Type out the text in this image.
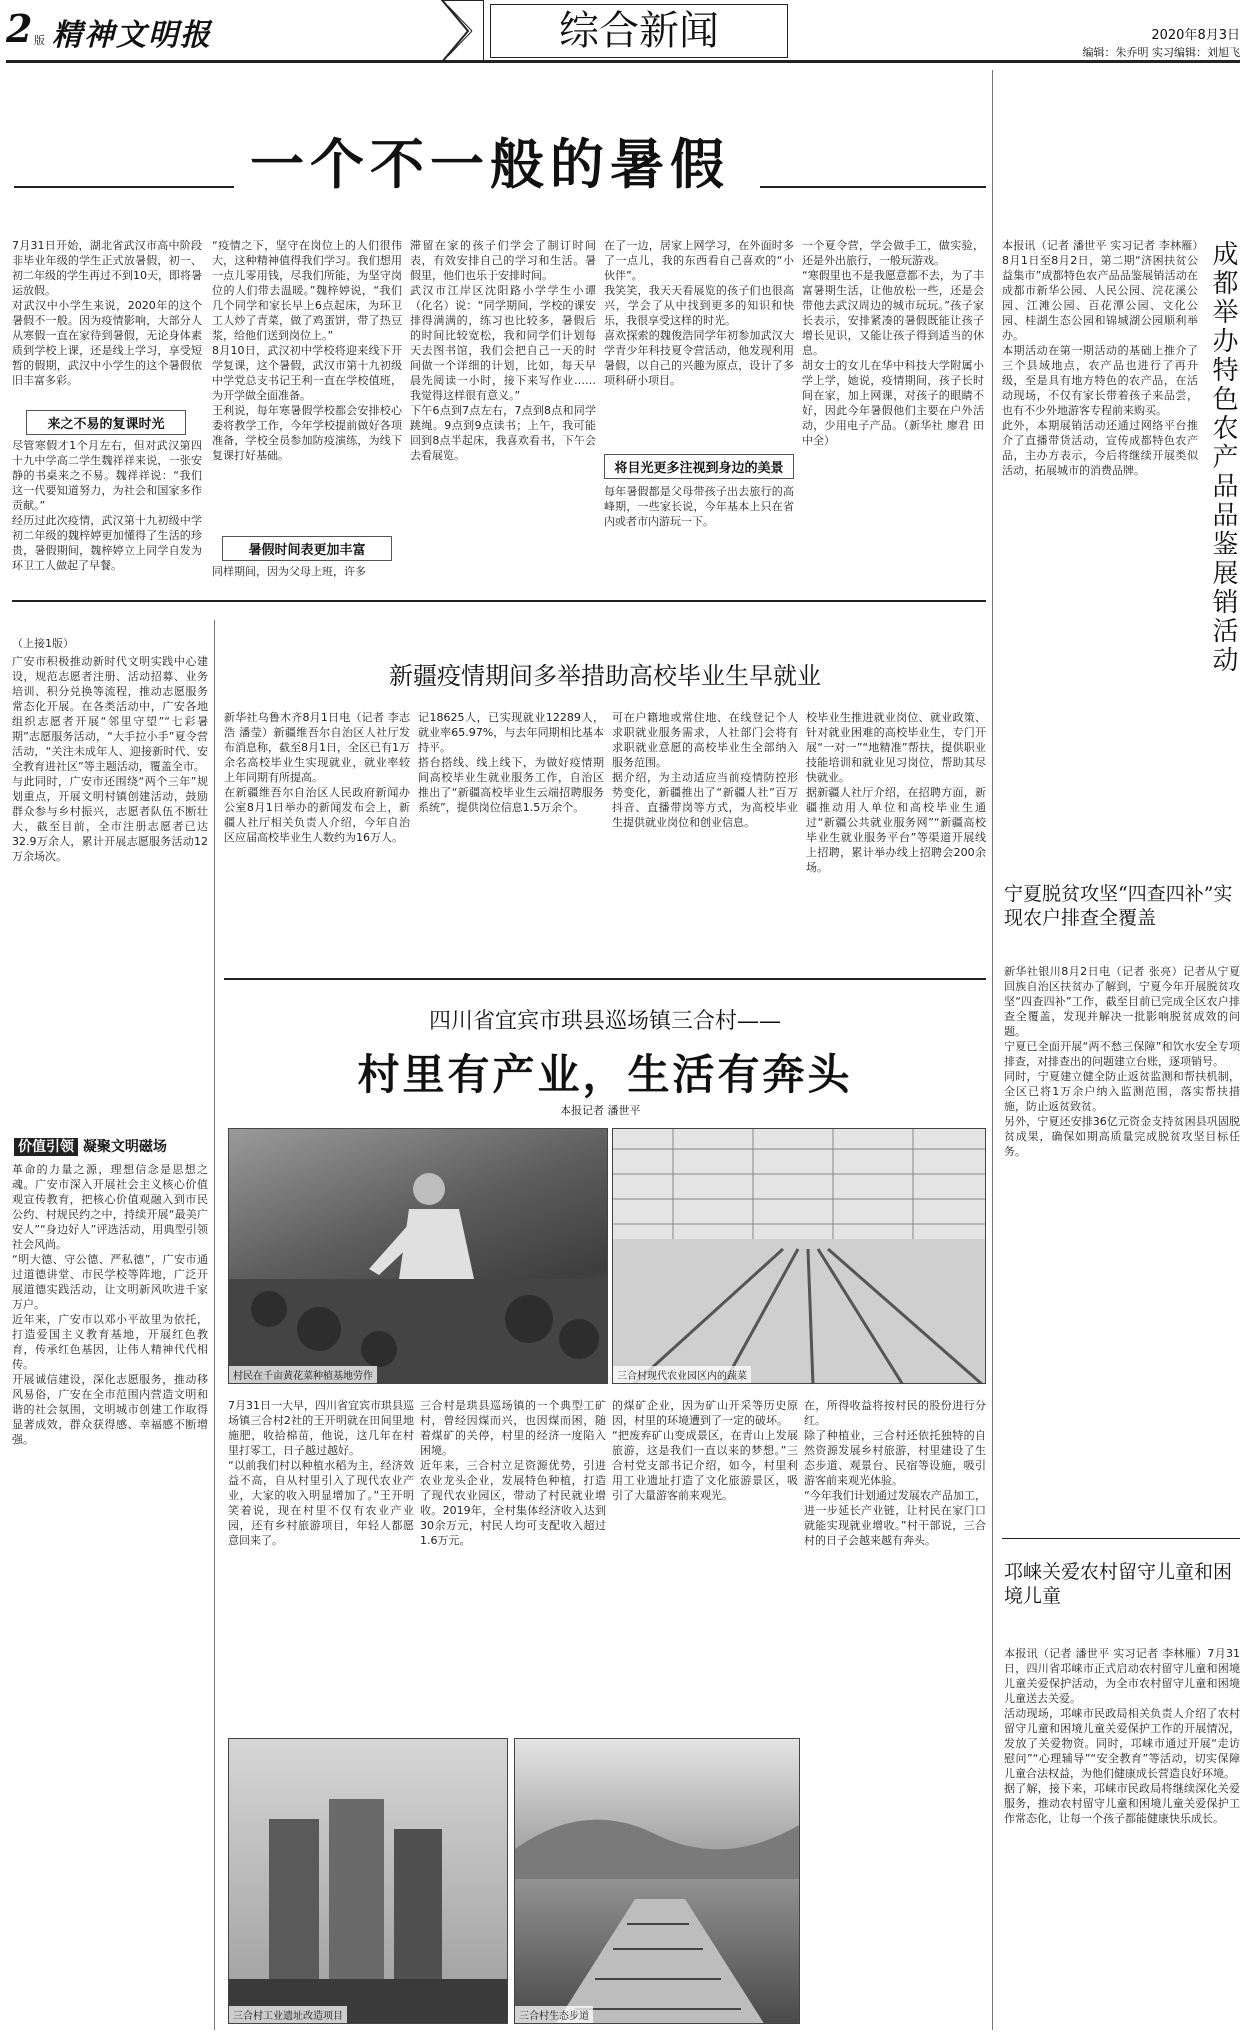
2 版 精神文明报	综合新闻	2020年8月3日
编辑：朱乔明 实习编辑：刘旭飞
一个不一般的暑假
7月31日开始，湖北省武汉市高中阶段非毕业年级的学生正式放暑假，初一、初二年级的学生再过不到10天，即将暑运放假。
对武汉中小学生来说，2020年的这个暑假不一般。因为疫情影响，大部分人从寒假一直在家待到暑假，无论身体素质到学校上课，还是线上学习，享受短暂的假期，武汉中小学生的这个暑假依旧丰富多彩。
来之不易的复课时光
尽管寒假才1个月左右，但对武汉第四十九中学高二学生魏祥祥来说，一张安静的书桌来之不易。魏祥祥说：“我们这一代要知道努力，为社会和国家多作贡献。”
经历过此次疫情，武汉第十九初级中学初二年级的魏梓婷更加懂得了生活的珍贵，暑假期间，魏梓婷立上同学自发为环卫工人做起了早餐。
“疫情之下，坚守在岗位上的人们很伟大，这种精神值得我们学习。我们想用一点儿零用钱，尽我们所能，为坚守岗位的人们带去温暖。”魏梓婷说，“我们几个同学和家长早上6点起床，为环卫工人炒了青菜，做了鸡蛋饼，带了热豆浆，给他们送到岗位上。”
8月10日，武汉初中学校将迎来线下开学复课，这个暑假，武汉市第十九初级中学党总支书记王利一直在学校值班，为开学做全面准备。
王利说，每年寒暑假学校都会安排校心委将教学工作，今年学校提前做好各项准备，学校全员参加防疫演练，为线下复课打好基础。
暑假时间表更加丰富
同样期间，因为父母上班，许多
滞留在家的孩子们学会了制订时间表，有效安排自己的学习和生活。暑假里，他们也乐于安排时间。
武汉市江岸区沈阳路小学学生小谭（化名）说：“同学期间，学校的课安排得满满的，练习也比较多，暑假后的时间比较宽松，我和同学们计划每天去图书馆，我们会把自己一天的时间做一个详细的计划，比如，每天早晨先阅读一小时，接下来写作业……我觉得这样很有意义。”
下午6点到7点左右，7点到8点和同学跳绳。9点到9点读书；上午，我可能回到8点半起床，我喜欢看书，下午会去看展览。
在了一边，居家上网学习，在外面时多了一点儿，我的东西看自己喜欢的“小伙伴”。
我笑笑，我天天看展览的孩子们也很高兴，学会了从中找到更多的知识和快乐，我很享受这样的时光。
喜欢探索的魏俊浩同学年初参加武汉大学青少年科技夏令营活动，他发现利用暑假，以自己的兴趣为原点，设计了多项科研小项目。
将目光更多注视到身边的美景
每年暑假都是父母带孩子出去旅行的高峰期，一些家长说，今年基本上只在省内或者市内游玩一下。
一个夏令营，学会做手工，做实验，还是外出旅行，一般玩游戏。
“寒假里也不是我愿意都不去，为了丰富暑期生活，让他放松一些，还是会带他去武汉周边的城市玩玩。”孩子家长表示，安排紧凑的暑假既能让孩子增长见识，又能让孩子得到适当的休息。
胡女士的女儿在华中科技大学附属小学上学，她说，疫情期间，孩子长时间在家，加上网课，对孩子的眼睛不好，因此今年暑假他们主要在户外活动，少用电子产品。（新华社 廖君 田中全）	成都举办特色农产品品鉴展销活动
本报讯（记者 潘世平 实习记者 李林雁）8月1日至8月2日，第二期“济困扶贫公益集市”成都特色农产品品鉴展销活动在成都市新华公园、人民公园、浣花溪公园、江滩公园、百花潭公园、文化公园、桂湖生态公园和锦城湖公园顺利举办。
本期活动在第一期活动的基础上推介了三个县域地点，农产品也进行了再升级，至是具有地方特色的农产品，在活动现场，不仅有家长带着孩子来品尝，也有不少外地游客专程前来购买。
此外，本期展销活动还通过网络平台推介了直播带货活动，宣传成都特色农产品，主办方表示，今后将继续开展类似活动，拓展城市的消费品牌。
宁夏脱贫攻坚“四查四补”实现农户排查全覆盖
新华社银川8月2日电（记者 张亮）记者从宁夏回族自治区扶贫办了解到，宁夏今年开展脱贫攻坚“四查四补”工作，截至目前已完成全区农户排查全覆盖，发现并解决一批影响脱贫成效的问题。
宁夏已全面开展“两不愁三保障”和饮水安全专项排查，对排查出的问题建立台账，逐项销号。
同时，宁夏建立健全防止返贫监测和帮扶机制，全区已将1万余户纳入监测范围，落实帮扶措施，防止返贫致贫。
另外，宁夏还安排36亿元资金支持贫困县巩固脱贫成果，确保如期高质量完成脱贫攻坚目标任务。
邛崃关爱农村留守儿童和困境儿童
本报讯（记者 潘世平 实习记者 李林雁）7月31日，四川省邛崃市正式启动农村留守儿童和困境儿童关爱保护活动，为全市农村留守儿童和困境儿童送去关爱。
活动现场，邛崃市民政局相关负责人介绍了农村留守儿童和困境儿童关爱保护工作的开展情况，发放了关爱物资。同时，邛崃市通过开展“走访慰问”“心理辅导”“安全教育”等活动，切实保障儿童合法权益，为他们健康成长营造良好环境。
据了解，接下来，邛崃市民政局将继续深化关爱服务，推动农村留守儿童和困境儿童关爱保护工作常态化，让每一个孩子都能健康快乐成长。
（上接1版）
广安市积极推动新时代文明实践中心建设，规范志愿者注册、活动招募、业务培训、积分兑换等流程，推动志愿服务常态化开展。在各类活动中，广安各地组织志愿者开展“邻里守望”“七彩暑期”志愿服务活动，“大手拉小手”夏令营活动，“关注未成年人、迎接新时代、安全教育进社区”等主题活动，覆盖全市。
与此同时，广安市还围绕“两个三年”规划重点，开展文明村镇创建活动，鼓励群众参与乡村振兴，志愿者队伍不断壮大，截至目前，全市注册志愿者已达32.9万余人，累计开展志愿服务活动12万余场次。
价值引领 凝聚文明磁场
革命的力量之源，理想信念是思想之魂。广安市深入开展社会主义核心价值观宣传教育，把核心价值观融入到市民公约、村规民约之中，持续开展“最美广安人”“身边好人”评选活动，用典型引领社会风尚。
“明大德、守公德、严私德”，广安市通过道德讲堂、市民学校等阵地，广泛开展道德实践活动，让文明新风吹进千家万户。
近年来，广安市以邓小平故里为依托，打造爱国主义教育基地，开展红色教育，传承红色基因，让伟人精神代代相传。
开展诚信建设，深化志愿服务，推动移风易俗，广安在全市范围内营造文明和谐的社会氛围，文明城市创建工作取得显著成效，群众获得感、幸福感不断增强。
新疆疫情期间多举措助高校毕业生早就业
新华社乌鲁木齐8月1日电（记者 李志浩 潘莹）新疆维吾尔自治区人社厅发布消息称，截至8月1日，全区已有1万余名高校毕业生实现就业，就业率较上年同期有所提高。
在新疆维吾尔自治区人民政府新闻办公室8月1日举办的新闻发布会上，新疆人社厅相关负责人介绍，今年自治区应届高校毕业生人数约为16万人。
记18625人，已实现就业12289人，就业率65.97%，与去年同期相比基本持平。
搭台搭线、线上线下，为做好疫情期间高校毕业生就业服务工作，自治区推出了“新疆高校毕业生云端招聘服务系统”，提供岗位信息1.5万余个。
可在户籍地或常住地、在线登记个人求职就业服务需求，人社部门会将有求职就业意愿的高校毕业生全部纳入服务范围。
据介绍，为主动适应当前疫情防控形势变化，新疆推出了“新疆人社”百万抖音、直播带岗等方式，为高校毕业生提供就业岗位和创业信息。
校毕业生推进就业岗位、就业政策、针对就业困难的高校毕业生，专门开展“一对一”“地精准”帮扶，提供职业技能培训和就业见习岗位，帮助其尽快就业。
据新疆人社厅介绍，在招聘方面，新疆推动用人单位和高校毕业生通过“新疆公共就业服务网”“新疆高校毕业生就业服务平台”等渠道开展线上招聘，累计举办线上招聘会200余场。
四川省宜宾市珙县巡场镇三合村——
村里有产业，生活有奔头
本报记者 潘世平
村民在千亩黄花菜种植基地劳作	三合村现代农业园区内的蔬菜
7月31日一大早，四川省宜宾市珙县巡场镇三合村2社的王开明就在田间里地施肥，收拾棉苗，他说，这几年在村里打零工，日子越过越好。
“以前我们村以种植水稻为主，经济效益不高，自从村里引入了现代农业产业，大家的收入明显增加了。”王开明笑着说，现在村里不仅有农业产业园，还有乡村旅游项目，年轻人都愿意回来了。
三合村是珙县巡场镇的一个典型工矿村，曾经因煤而兴，也因煤而困，随着煤矿的关停，村里的经济一度陷入困境。
近年来，三合村立足资源优势，引进农业龙头企业，发展特色种植，打造了现代农业园区，带动了村民就业增收。2019年，全村集体经济收入达到30余万元，村民人均可支配收入超过1.6万元。
的煤矿企业，因为矿山开采等历史原因，村里的环境遭到了一定的破坏。
“把废弃矿山变成景区，在青山上发展旅游，这是我们一直以来的梦想。”三合村党支部书记介绍，如今，村里利用工业遗址打造了文化旅游景区，吸引了大量游客前来观光。
在，所得收益将按村民的股份进行分红。
除了种植业，三合村还依托独特的自然资源发展乡村旅游，村里建设了生态步道、观景台、民宿等设施，吸引游客前来观光体验。
“今年我们计划通过发展农产品加工，进一步延长产业链，让村民在家门口就能实现就业增收。”村干部说，三合村的日子会越来越有奔头。
三合村工业遗址改造项目	三合村生态步道
